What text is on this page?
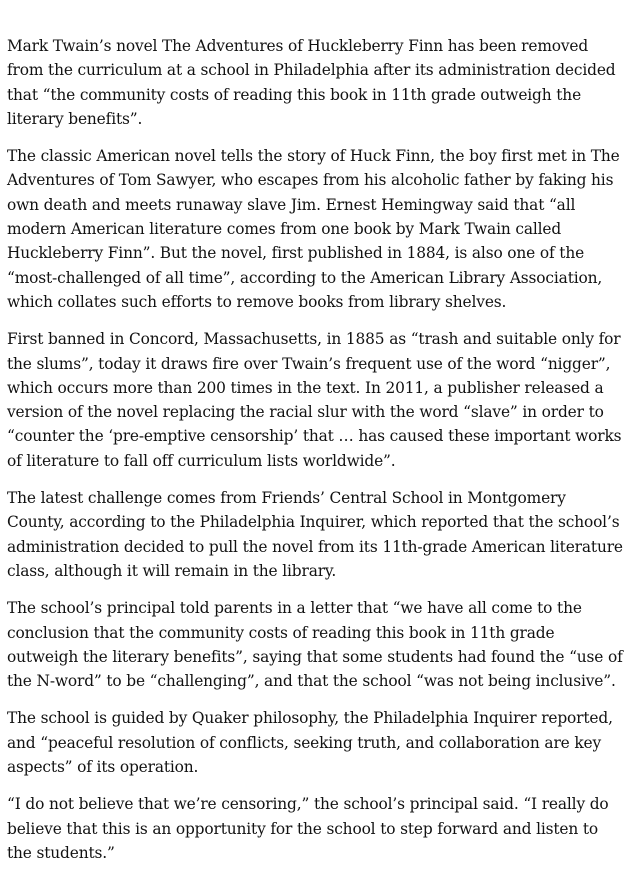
Mark Twain’s novel The Adventures of Huckleberry Finn has been removed from the curriculum at a school in Philadelphia after its administration decided that “the community costs of reading this book in 11th grade outweigh the literary benefits”.

The classic American novel tells the story of Huck Finn, the boy first met in The Adventures of Tom Sawyer, who escapes from his alcoholic father by faking his own death and meets runaway slave Jim. Ernest Hemingway said that “all modern American literature comes from one book by Mark Twain called Huckleberry Finn”. But the novel, first published in 1884, is also one of the “most-challenged of all time”, according to the American Library Association, which collates such efforts to remove books from library shelves.

First banned in Concord, Massachusetts, in 1885 as “trash and suitable only for the slums”, today it draws fire over Twain’s frequent use of the word “nigger”, which occurs more than 200 times in the text. In 2011, a publisher released a version of the novel replacing the racial slur with the word “slave” in order to “counter the ‘pre-emptive censorship’ that … has caused these important works of literature to fall off curriculum lists worldwide”.

The latest challenge comes from Friends’ Central School in Montgomery County, according to the Philadelphia Inquirer, which reported that the school’s administration decided to pull the novel from its 11th-grade American literature class, although it will remain in the library.

The school’s principal told parents in a letter that “we have all come to the conclusion that the community costs of reading this book in 11th grade outweigh the literary benefits”, saying that some students had found the “use of the N-word” to be “challenging”, and that the school “was not being inclusive”.

The school is guided by Quaker philosophy, the Philadelphia Inquirer reported, and “peaceful resolution of conflicts, seeking truth, and collaboration are key aspects” of its operation.

“I do not believe that we’re censoring,” the school’s principal said. “I really do believe that this is an opportunity for the school to step forward and listen to the students.”
